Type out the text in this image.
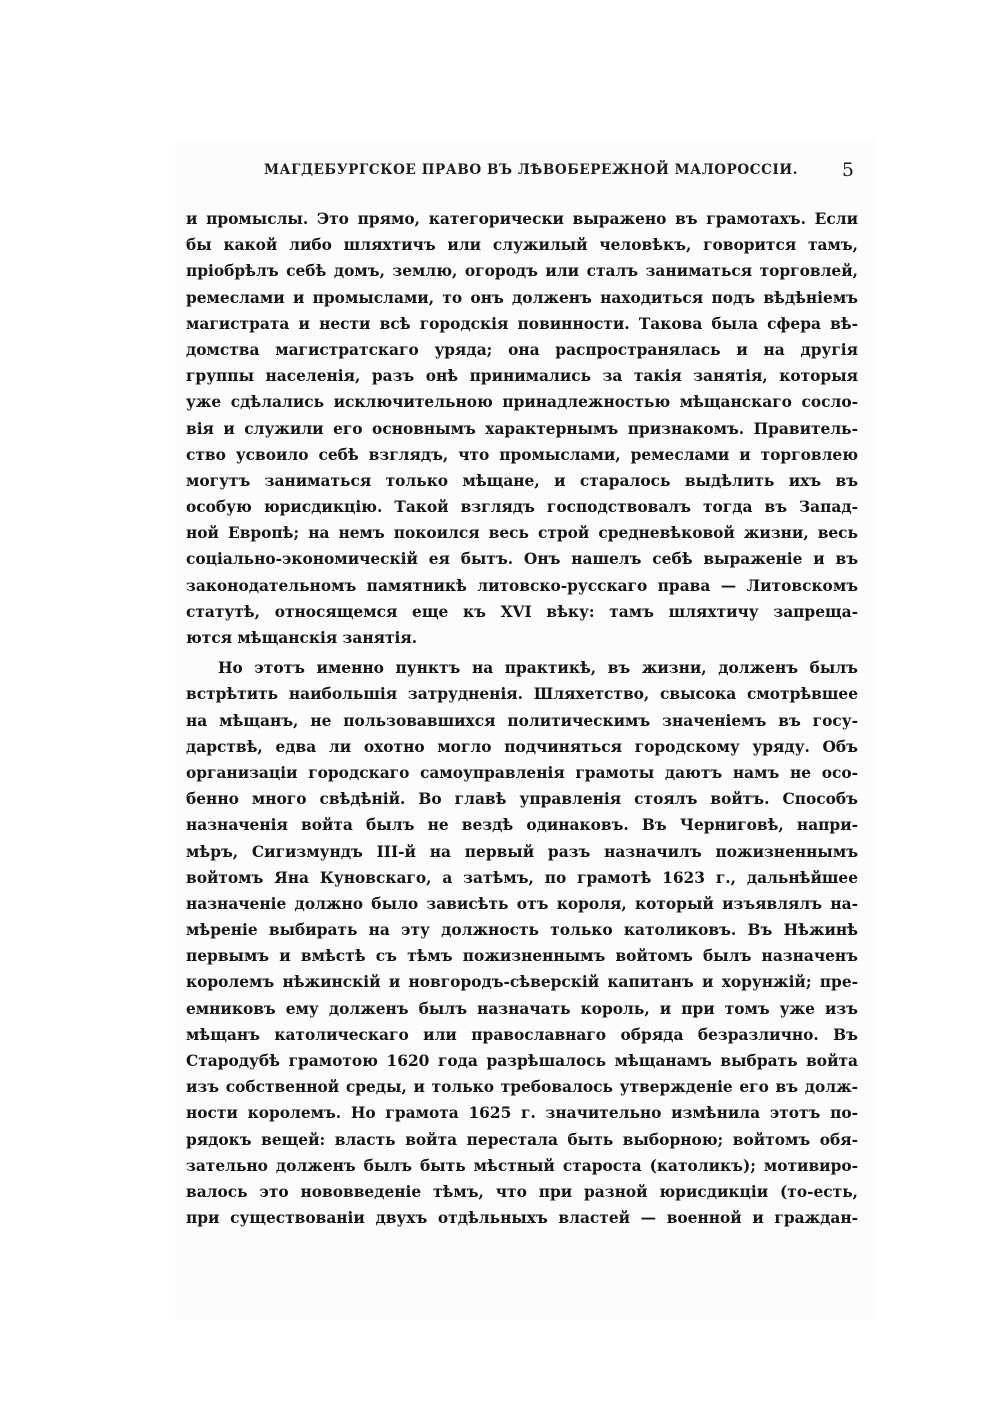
МАГДЕБУРГСКОЕ ПРАВО ВЪ ЛѢВОБЕРЕЖНОЙ МАЛОРОССІИ. 5
и промыслы. Это прямо, категорически выражено въ грамотахъ. Если
бы какой либо шляхтичъ или служилый человѣкъ, говорится тамъ,
пріобрѣлъ себѣ домъ, землю, огородъ или сталъ заниматься торговлей,
ремеслами и промыслами, то онъ долженъ находиться подъ вѣдѣніемъ
магистрата и нести всѣ городскія повинности. Такова была сфера вѣ-
домства магистратскаго уряда; она распространялась и на другія
группы населенія, разъ онѣ принимались за такія занятія, которыя
уже сдѣлались исключительною принадлежностью мѣщанскаго сосло-
вія и служили его основнымъ характернымъ признакомъ. Правитель-
ство усвоило себѣ взглядъ, что промыслами, ремеслами и торговлею
могутъ заниматься только мѣщане, и старалось выдѣлить ихъ въ
особую юрисдикцію. Такой взглядъ господствовалъ тогда въ Запад-
ной Европѣ; на немъ покоился весь строй средневѣковой жизни, весь
соціально-экономическій ея бытъ. Онъ нашелъ себѣ выраженіе и въ
законодательномъ памятникѣ литовско-русскаго права — Литовскомъ
статутѣ, относящемся еще къ XVI вѣку: тамъ шляхтичу запреща-
ются мѣщанскія занятія.
Но этотъ именно пунктъ на практикѣ, въ жизни, долженъ былъ
встрѣтить наибольшія затрудненія. Шляхетство, свысока смотрѣвшее
на мѣщанъ, не пользовавшихся политическимъ значеніемъ въ госу-
дарствѣ, едва ли охотно могло подчиняться городскому уряду. Объ
организаціи городскаго самоуправленія грамоты даютъ намъ не осо-
бенно много свѣдѣній. Во главѣ управленія стоялъ войтъ. Способъ
назначенія войта былъ не вездѣ одинаковъ. Въ Черниговѣ, напри-
мѣръ, Сигизмундъ III-й на первый разъ назначилъ пожизненнымъ
войтомъ Яна Куновскаго, а затѣмъ, по грамотѣ 1623 г., дальнѣйшее
назначеніе должно было зависѣть отъ короля, который изъявлялъ на-
мѣреніе выбирать на эту должность только католиковъ. Въ Нѣжинѣ
первымъ и вмѣстѣ съ тѣмъ пожизненнымъ войтомъ былъ назначенъ
королемъ нѣжинскій и новгородъ-сѣверскій капитанъ и хорунжій; пре-
емниковъ ему долженъ былъ назначать король, и при томъ уже изъ
мѣщанъ католическаго или православнаго обряда безразлично. Въ
Стародубѣ грамотою 1620 года разрѣшалось мѣщанамъ выбрать войта
изъ собственной среды, и только требовалось утвержденіе его въ долж-
ности королемъ. Но грамота 1625 г. значительно измѣнила этотъ по-
рядокъ вещей: власть войта перестала быть выборною; войтомъ обя-
зательно долженъ былъ быть мѣстный староста (католикъ); мотивиро-
валось это нововведеніе тѣмъ, что при разной юрисдикціи (то-есть,
при существованіи двухъ отдѣльныхъ властей — военной и граждан-
